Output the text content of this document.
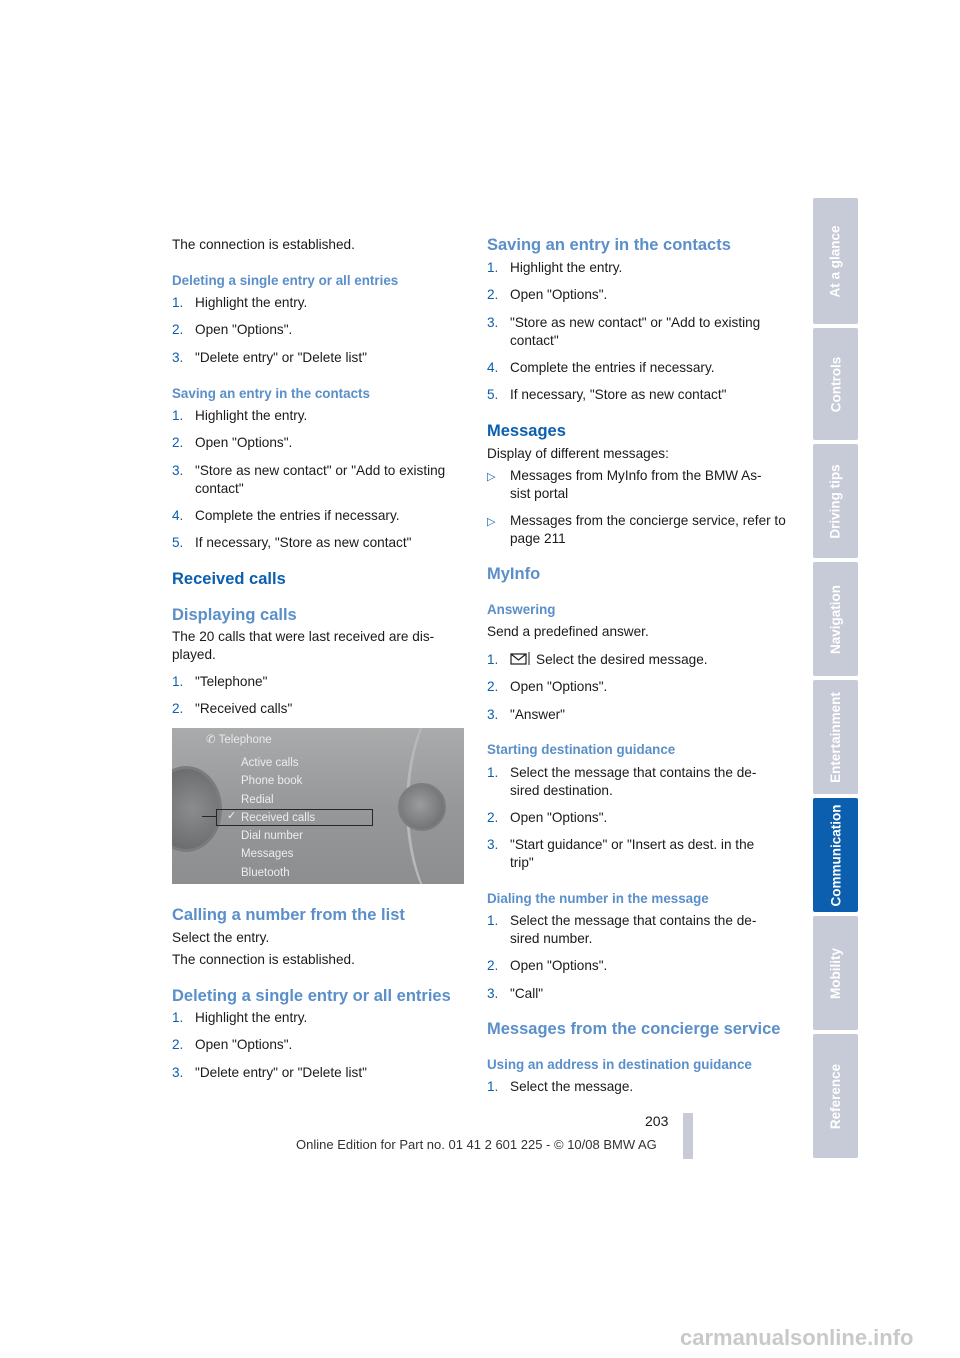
The connection is established.

Deleting a single entry or all entries
1. Highlight the entry.
2. Open "Options".
3. "Delete entry" or "Delete list"
Saving an entry in the contacts
1. Highlight the entry.
2. Open "Options".
3. "Store as new contact" or "Add to existing contact"
4. Complete the entries if necessary.
5. If necessary, "Store as new contact"
Received calls
Displaying calls

The 20 calls that were last received are dis-played.

1. "Telephone"
2. "Received calls"
Calling a number from the list

Select the entry.

The connection is established.

Deleting a single entry or all entries
1. Highlight the entry.
2. Open "Options".
3. "Delete entry" or "Delete list"
✆ Telephone
Active calls
Phone book
Redial
Received calls
Dial number
Messages
Bluetooth
✓
Saving an entry in the contacts
1. Highlight the entry.
2. Open "Options".
3. "Store as new contact" or "Add to existing contact"
4. Complete the entries if necessary.
5. If necessary, "Store as new contact"
Messages

Display of different messages:

▷	Messages from MyInfo from the BMW As-sist portal
▷	Messages from the concierge service, refer to page 211
MyInfo
Answering

Send a predefined answer.

1.	Select the desired message.
2. Open "Options".
3. "Answer"
Starting destination guidance
1. Select the message that contains the de-sired destination.
2. Open "Options".
3. "Start guidance" or "Insert as dest. in the trip"
Dialing the number in the message
1. Select the message that contains the de-sired number.
2. Open "Options".
3. "Call"
Messages from the concierge service
Using an address in destination guidance
1. Select the message.
At a glance
Controls
Driving tips
Navigation
Entertainment
Communication
Mobility
Reference
203
Online Edition for Part no. 01 41 2 601 225 - © 10/08 BMW AG
carmanualsonline.info
